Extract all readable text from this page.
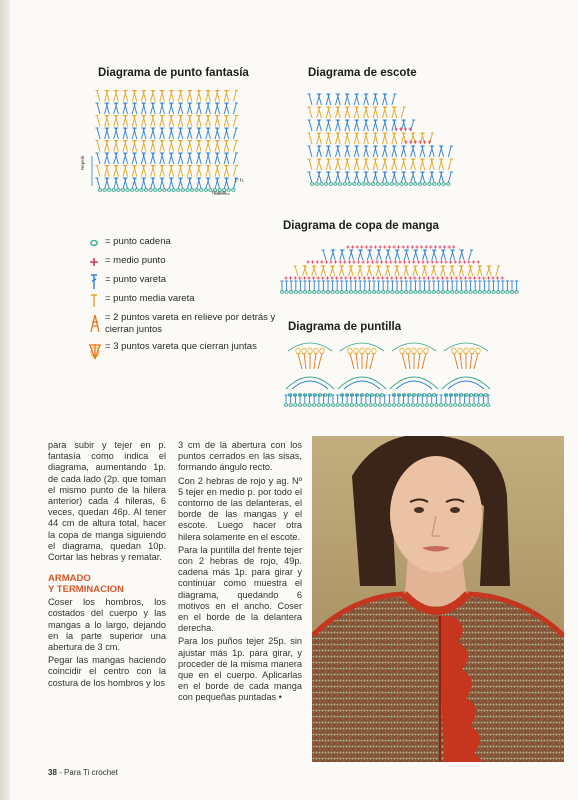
Diagrama de punto fantasía	Diagrama de escote
Diagrama de copa de manga
Diagrama de puntilla
1º h.
Repetir
Repetir
= punto cadena
= medio punto
= punto vareta
= punto media vareta
= 2 puntos vareta en relieve por detrás y cierran juntos
= 3 puntos vareta que cierran juntas

para subir y tejer en p. fantasía como indica el diagrama, aumentando 1p. de cada lado (2p. que toman el mismo punto de la hilera anterior) cada 4 hileras, 6 veces, quedan 46p. Al tener 44 cm de altura total, hacer la copa de manga siguiendo el diagrama, quedan 10p. Cortar las hebras y rematar.

ARMADO
Y TERMINACION

Coser los hombros, los costados del cuerpo y las mangas a lo largo, dejando en la parte superior una abertura de 3 cm.

Pegar las mangas haciendo coincidir el centro con la costura de los hombros y los

3 cm de la abertura con los puntos cerrados en las sisas, formando ángulo recto.

Con 2 hebras de rojo y ag. Nº 5 tejer en medio p. por todo el contorno de las delanteras, el borde de las mangas y el escote. Luego hacer otra hilera solamente en el escote.

Para la puntilla del frente tejer con 2 hebras de rojo, 49p. cadena más 1p. para girar y continuar como muestra el diagrama, quedando 6 motivos en el ancho. Coser en el borde de la delantera derecha.

Para los puños tejer 25p. sin ajustar más 1p. para girar, y proceder de la misma manera que en el cuerpo. Aplicarlas en el borde de cada manga con pequeñas puntadas •

38 - Para Ti crochet
